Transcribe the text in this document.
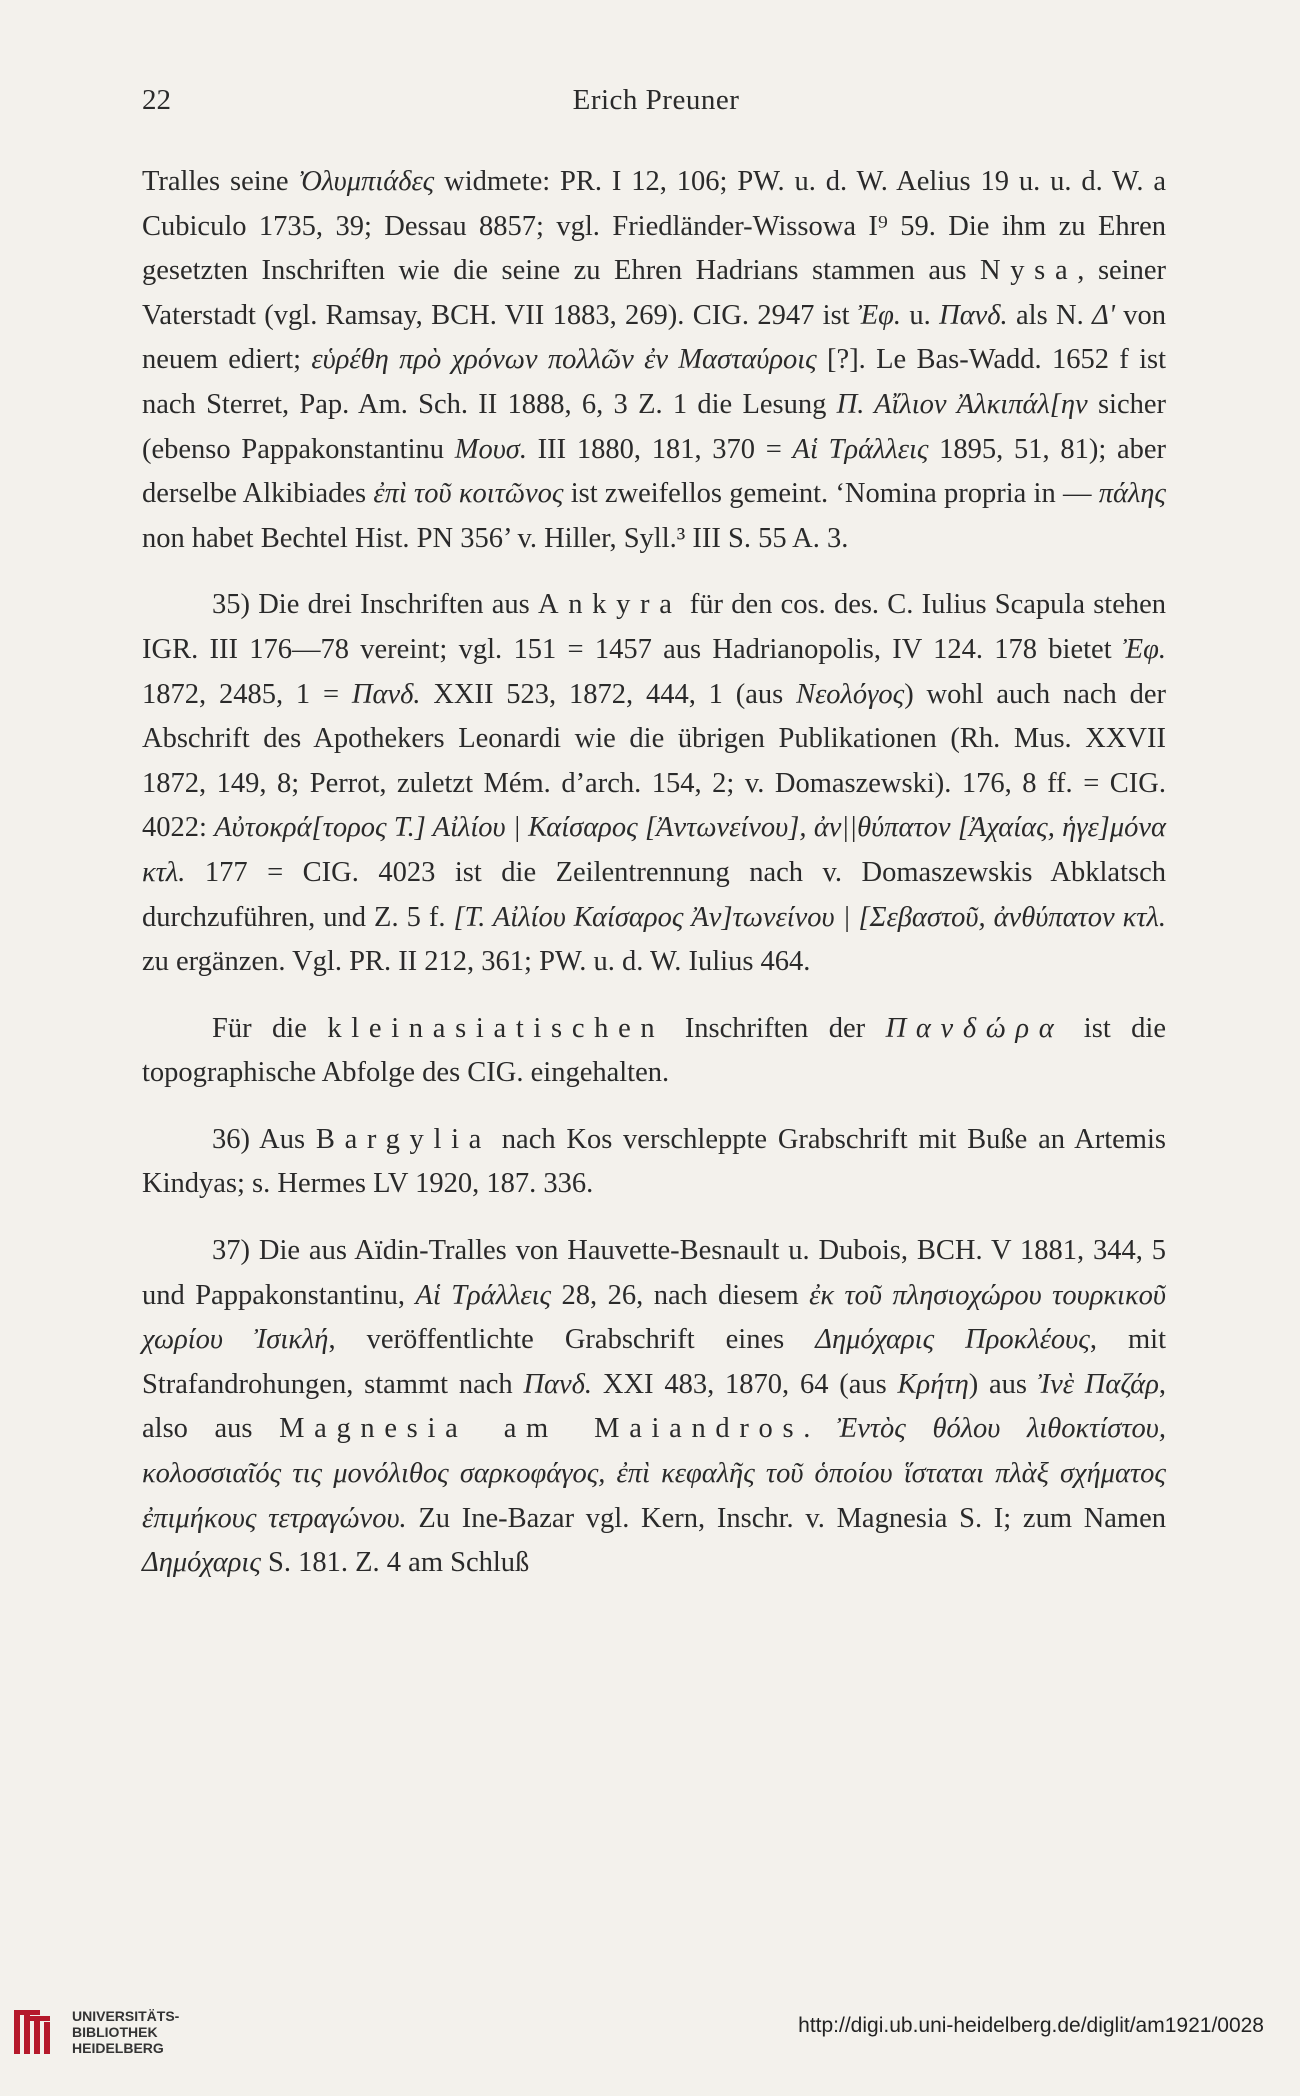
22	Erich Preuner

Tralles seine Ὀλυμπιάδες widmete: PR. I 12, 106; PW. u. d. W. Aelius 19 u. u. d. W. a Cubiculo 1735, 39; Dessau 8857; vgl. Friedländer-Wissowa I⁹ 59. Die ihm zu Ehren gesetzten Inschriften wie die seine zu Ehren Hadrians stammen aus Nysa, seiner Vaterstadt (vgl. Ramsay, BCH. VII 1883, 269). CIG. 2947 ist Ἐφ. u. Πανδ. als N. Δ' von neuem ediert; εὑρέθη πρὸ χρόνων πολλῶν ἐν Μασταύροις [?]. Le Bas-Wadd. 1652 f ist nach Sterret, Pap. Am. Sch. II 1888, 6, 3 Z. 1 die Lesung Π. Αἴλιον Ἀλκιπάλ[ην sicher (ebenso Pappakonstantinu Μουσ. III 1880, 181, 370 = Αἱ Τράλλεις 1895, 51, 81); aber derselbe Alkibiades ἐπὶ τοῦ κοιτῶνος ist zweifellos gemeint. ‘Nomina propria in — πάλης non habet Bechtel Hist. PN 356’ v. Hiller, Syll.³ III S. 55 A. 3.

35) Die drei Inschriften aus Ankyra für den cos. des. C. Iulius Scapula stehen IGR. III 176—78 vereint; vgl. 151 = 1457 aus Hadrianopolis, IV 124. 178 bietet Ἐφ. 1872, 2485, 1 = Πανδ. XXII 523, 1872, 444, 1 (aus Νεολόγος) wohl auch nach der Abschrift des Apothekers Leonardi wie die übrigen Publikationen (Rh. Mus. XXVII 1872, 149, 8; Perrot, zuletzt Mém. d’arch. 154, 2; v. Domaszewski). 176, 8 ff. = CIG. 4022: Αὐτοκρά[τορος Τ.] Αἰλίου | Καίσαρος [Ἀντωνείνου], ἀν||θύπατον [Ἀχαίας, ἡγε]μόνα κτλ. 177 = CIG. 4023 ist die Zeilentrennung nach v. Domaszewskis Abklatsch durchzuführen, und Z. 5 f. [Τ. Αἰλίου Καίσαρος Ἀν]τωνείνου | [Σεβαστοῦ, ἀνθύπατον κτλ. zu ergänzen. Vgl. PR. II 212, 361; PW. u. d. W. Iulius 464.

Für die kleinasiatischen Inschriften der Πανδώρα ist die topographische Abfolge des CIG. eingehalten.

36) Aus Bargylia nach Kos verschleppte Grabschrift mit Buße an Artemis Kindyas; s. Hermes LV 1920, 187. 336.

37) Die aus Aïdin-Tralles von Hauvette-Besnault u. Dubois, BCH. V 1881, 344, 5 und Pappakonstantinu, Αἱ Τράλλεις 28, 26, nach diesem ἐκ τοῦ πλησιοχώρου τουρκικοῦ χωρίου Ἰσικλή, veröffentlichte Grabschrift eines Δημόχαρις Προκλέους, mit Strafandrohungen, stammt nach Πανδ. XXI 483, 1870, 64 (aus Κρήτη) aus Ἰνὲ Παζάρ, also aus Magnesia am Maiandros. Ἐντὸς θόλου λιθοκτίστου, κολοσσιαῖός τις μονόλιθος σαρκοφάγος, ἐπὶ κεφαλῆς τοῦ ὁποίου ἵσταται πλὰξ σχήματος ἐπιμήκους τετραγώνου. Zu Ine-Bazar vgl. Kern, Inschr. v. Magnesia S. I; zum Namen Δημόχαρις S. 181. Z. 4 am Schluß

UNIVERSITÄTS-
BIBLIOTHEK
HEIDELBERG
http://digi.ub.uni-heidelberg.de/diglit/am1921/0028
